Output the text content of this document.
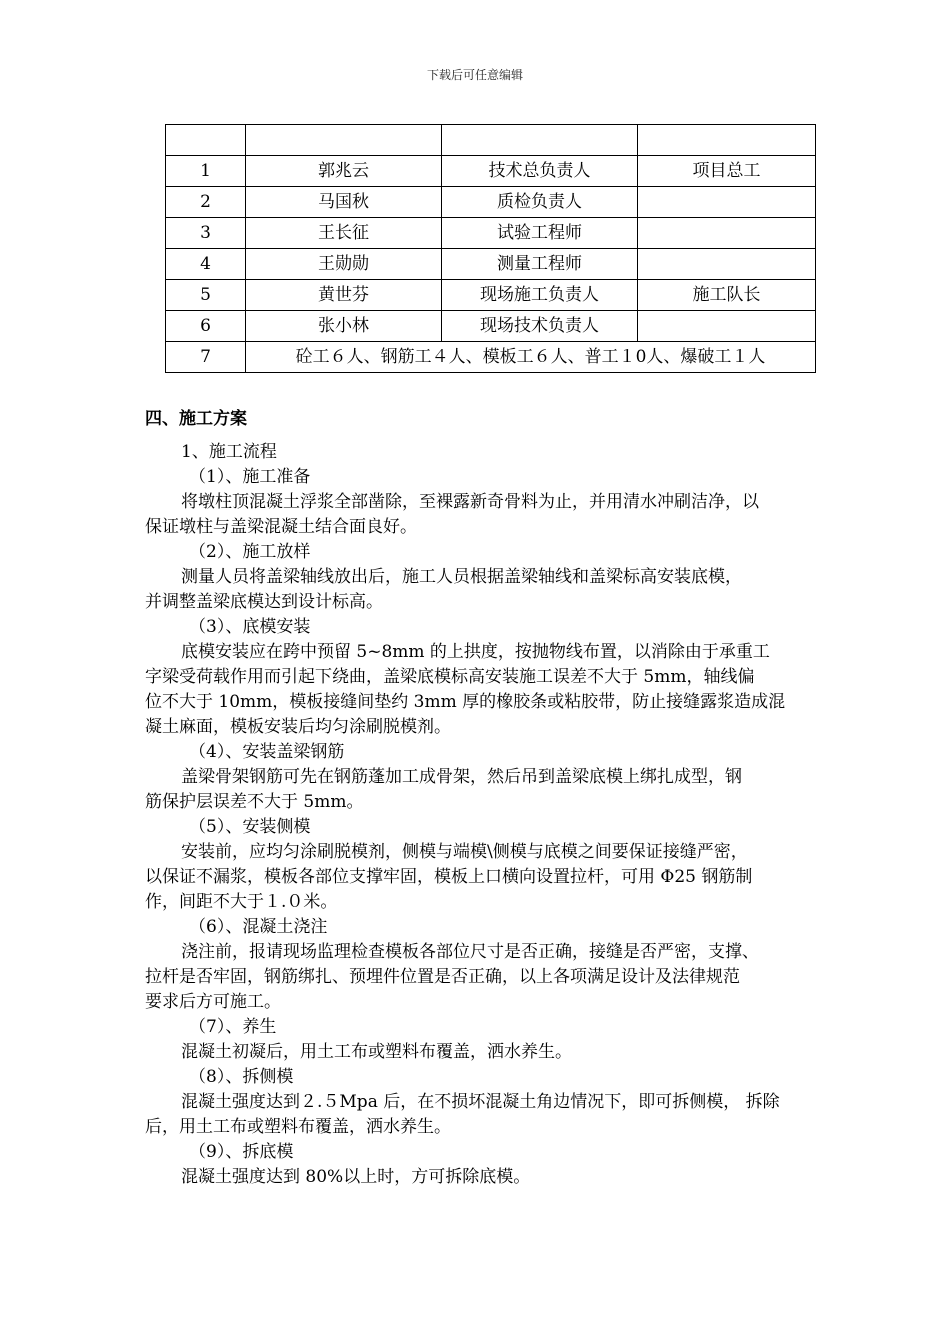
下载后可任意编辑

1	郭兆云	技术总负责人	项目总工
2	马国秋	质检负责人	
3	王长征	试验工程师	
4	王勋勋	测量工程师	
5	黄世芬	现场施工负责人	施工队长
6	张小林	现场技术负责人	
7	砼工６人、钢筋工４人、模板工６人、普工１0人、爆破工１人		
四、施工方案
1、施工流程
（1）、施工准备
将墩柱顶混凝土浮浆全部凿除，至裸露新奇骨料为止，并用清水冲刷洁净，以
保证墩柱与盖梁混凝土结合面良好。
（2）、施工放样
测量人员将盖梁轴线放出后，施工人员根据盖梁轴线和盖梁标高安装底模，
并调整盖梁底模达到设计标高。
（3）、底模安装
底模安装应在跨中预留 5~8mm 的上拱度，按抛物线布置，以消除由于承重工
字梁受荷载作用而引起下绕曲，盖梁底模标高安装施工误差不大于 5mm，轴线偏
位不大于 10mm，模板接缝间垫约 3mm 厚的橡胶条或粘胶带，防止接缝露浆造成混
凝土麻面，模板安装后均匀涂刷脱模剂。
（4）、安装盖梁钢筋
盖梁骨架钢筋可先在钢筋蓬加工成骨架，然后吊到盖梁底模上绑扎成型，钢
筋保护层误差不大于 5mm。
（5）、安装侧模
安装前，应均匀涂刷脱模剂，侧模与端模\侧模与底模之间要保证接缝严密，
以保证不漏浆，模板各部位支撑牢固，模板上口横向设置拉杆，可用 Φ25 钢筋制
作，间距不大于１.０米。
（6）、混凝土浇注
浇注前，报请现场监理检查模板各部位尺寸是否正确，接缝是否严密，支撑、
拉杆是否牢固，钢筋绑扎、预埋件位置是否正确，以上各项满足设计及法律规范
要求后方可施工。
（7）、养生
混凝土初凝后，用土工布或塑料布覆盖，洒水养生。
（8）、拆侧模
混凝土强度达到２.５Mpa 后，在不损坏混凝土角边情况下，即可拆侧模， 拆除
后，用土工布或塑料布覆盖，洒水养生。
（9）、拆底模
混凝土强度达到 80%以上时，方可拆除底模。
